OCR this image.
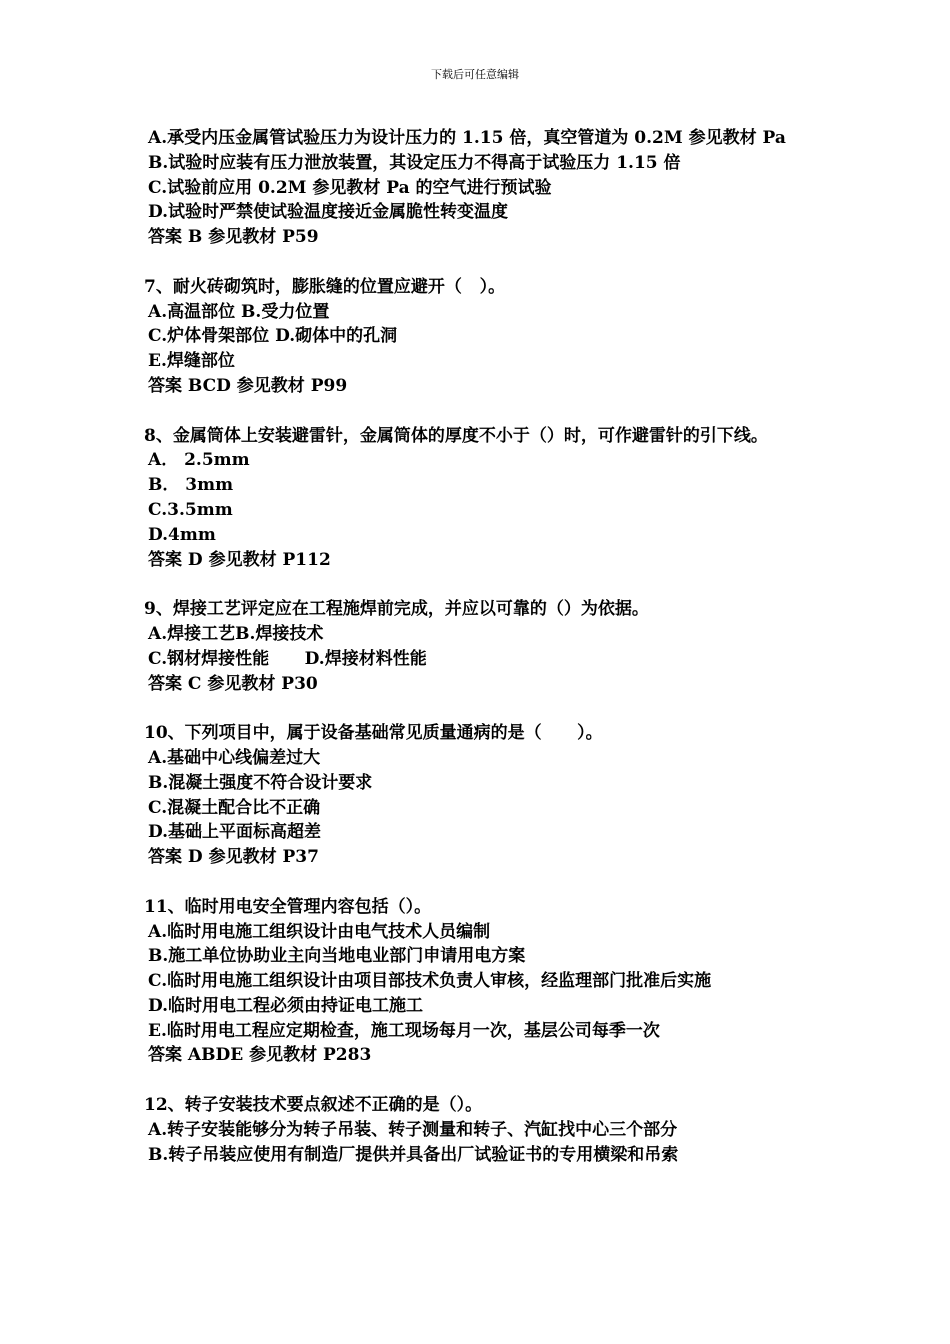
下载后可任意编辑
A.承受内压金属管试验压力为设计压力的 1.15 倍，真空管道为 0.2M 参见教材 Pa
B.试验时应装有压力泄放装置，其设定压力不得高于试验压力 1.15 倍
C.试验前应用 0.2M 参见教材 Pa 的空气进行预试验
D.试验时严禁使试验温度接近金属脆性转变温度
答案 B 参见教材 P59
7、耐火砖砌筑时，膨胀缝的位置应避开（   ）。
A.高温部位 B.受力位置
C.炉体骨架部位 D.砌体中的孔洞
E.焊缝部位
答案 BCD 参见教材 P99
8、金属筒体上安装避雷针，金属筒体的厚度不小于（）时，可作避雷针的引下线。
A． 2.5mm
B． 3mm
C.3.5mm
D.4mm
答案 D 参见教材 P112
9、焊接工艺评定应在工程施焊前完成，并应以可靠的（）为依据。
A.焊接工艺B.焊接技术
C.钢材焊接性能      D.焊接材料性能
答案 C 参见教材 P30
10、下列项目中，属于设备基础常见质量通病的是（      ）。
A.基础中心线偏差过大
B.混凝土强度不符合设计要求
C.混凝土配合比不正确
D.基础上平面标高超差
答案 D 参见教材 P37
11、临时用电安全管理内容包括（）。
A.临时用电施工组织设计由电气技术人员编制
B.施工单位协助业主向当地电业部门申请用电方案
C.临时用电施工组织设计由项目部技术负责人审核，经监理部门批准后实施
D.临时用电工程必须由持证电工施工
E.临时用电工程应定期检查，施工现场每月一次，基层公司每季一次
答案 ABDE 参见教材 P283
12、转子安装技术要点叙述不正确的是（）。
A.转子安装能够分为转子吊装、转子测量和转子、汽缸找中心三个部分
B.转子吊装应使用有制造厂提供并具备出厂试验证书的专用横梁和吊索
